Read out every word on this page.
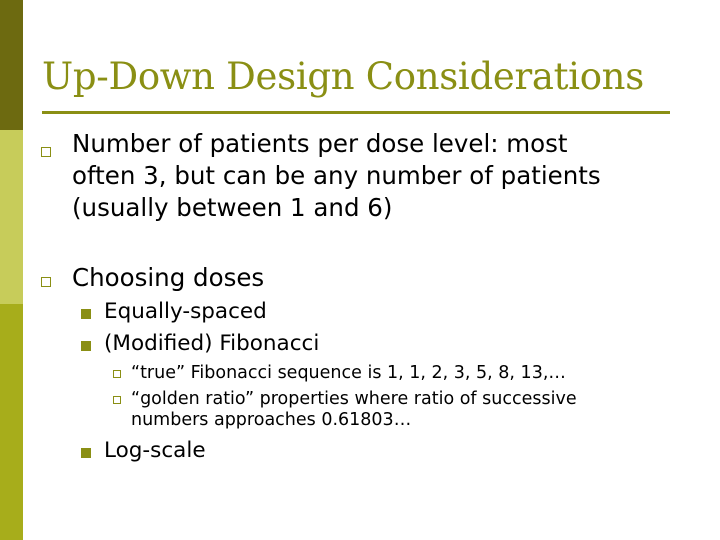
Up-Down Design Considerations
Number of patients per dose level: most
often 3, but can be any number of patients
(usually between 1 and 6)
Choosing doses
Equally-spaced
(Modified) Fibonacci
“true” Fibonacci sequence is 1, 1, 2, 3, 5, 8, 13,…
“golden ratio” properties where ratio of successive
numbers approaches 0.61803…
Log-scale
